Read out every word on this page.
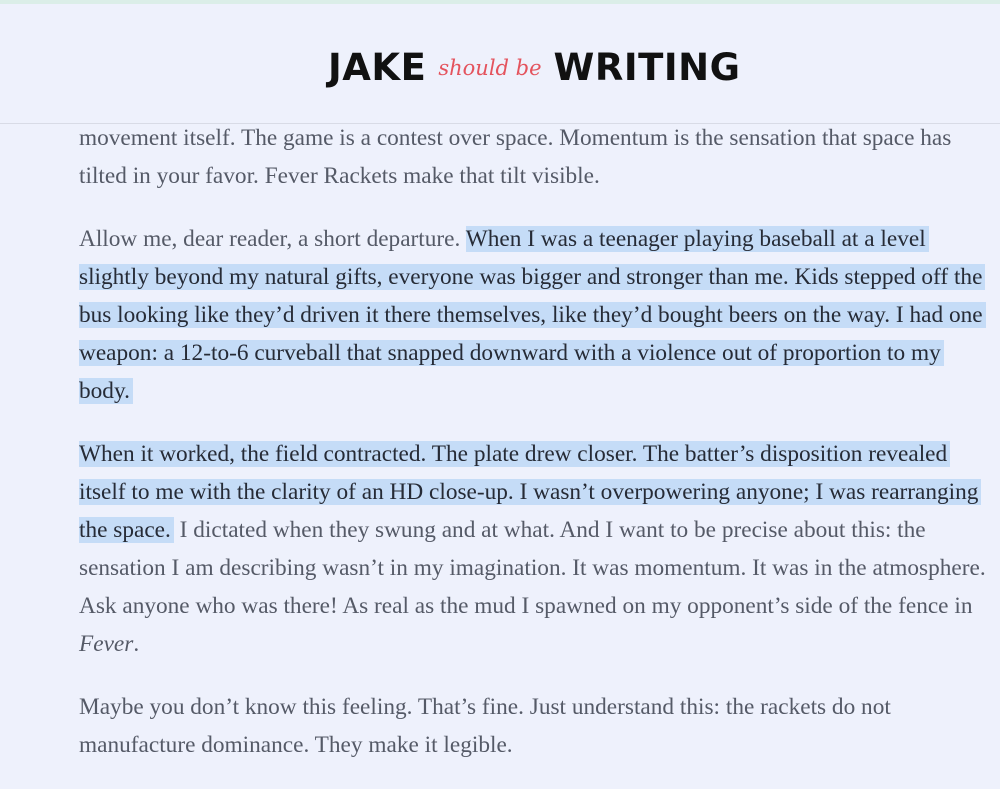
JAKE should be WRITING

movement itself. The game is a contest over space. Momentum is the sensation that space has tilted in your favor. Fever Rackets make that tilt visible.

Allow me, dear reader, a short departure. When I was a teenager playing baseball at a level slightly beyond my natural gifts, everyone was bigger and stronger than me. Kids stepped off the bus looking like they’d driven it there themselves, like they’d bought beers on the way. I had one weapon: a 12-to-6 curveball that snapped downward with a violence out of proportion to my body.

When it worked, the field contracted. The plate drew closer. The batter’s disposition revealed itself to me with the clarity of an HD close-up. I wasn’t overpowering anyone; I was rearranging the space. I dictated when they swung and at what. And I want to be precise about this: the sensation I am describing wasn’t in my imagination. It was momentum. It was in the atmosphere. Ask anyone who was there! As real as the mud I spawned on my opponent’s side of the fence in Fever.

Maybe you don’t know this feeling. That’s fine. Just understand this: the rackets do not manufacture dominance. They make it legible.
